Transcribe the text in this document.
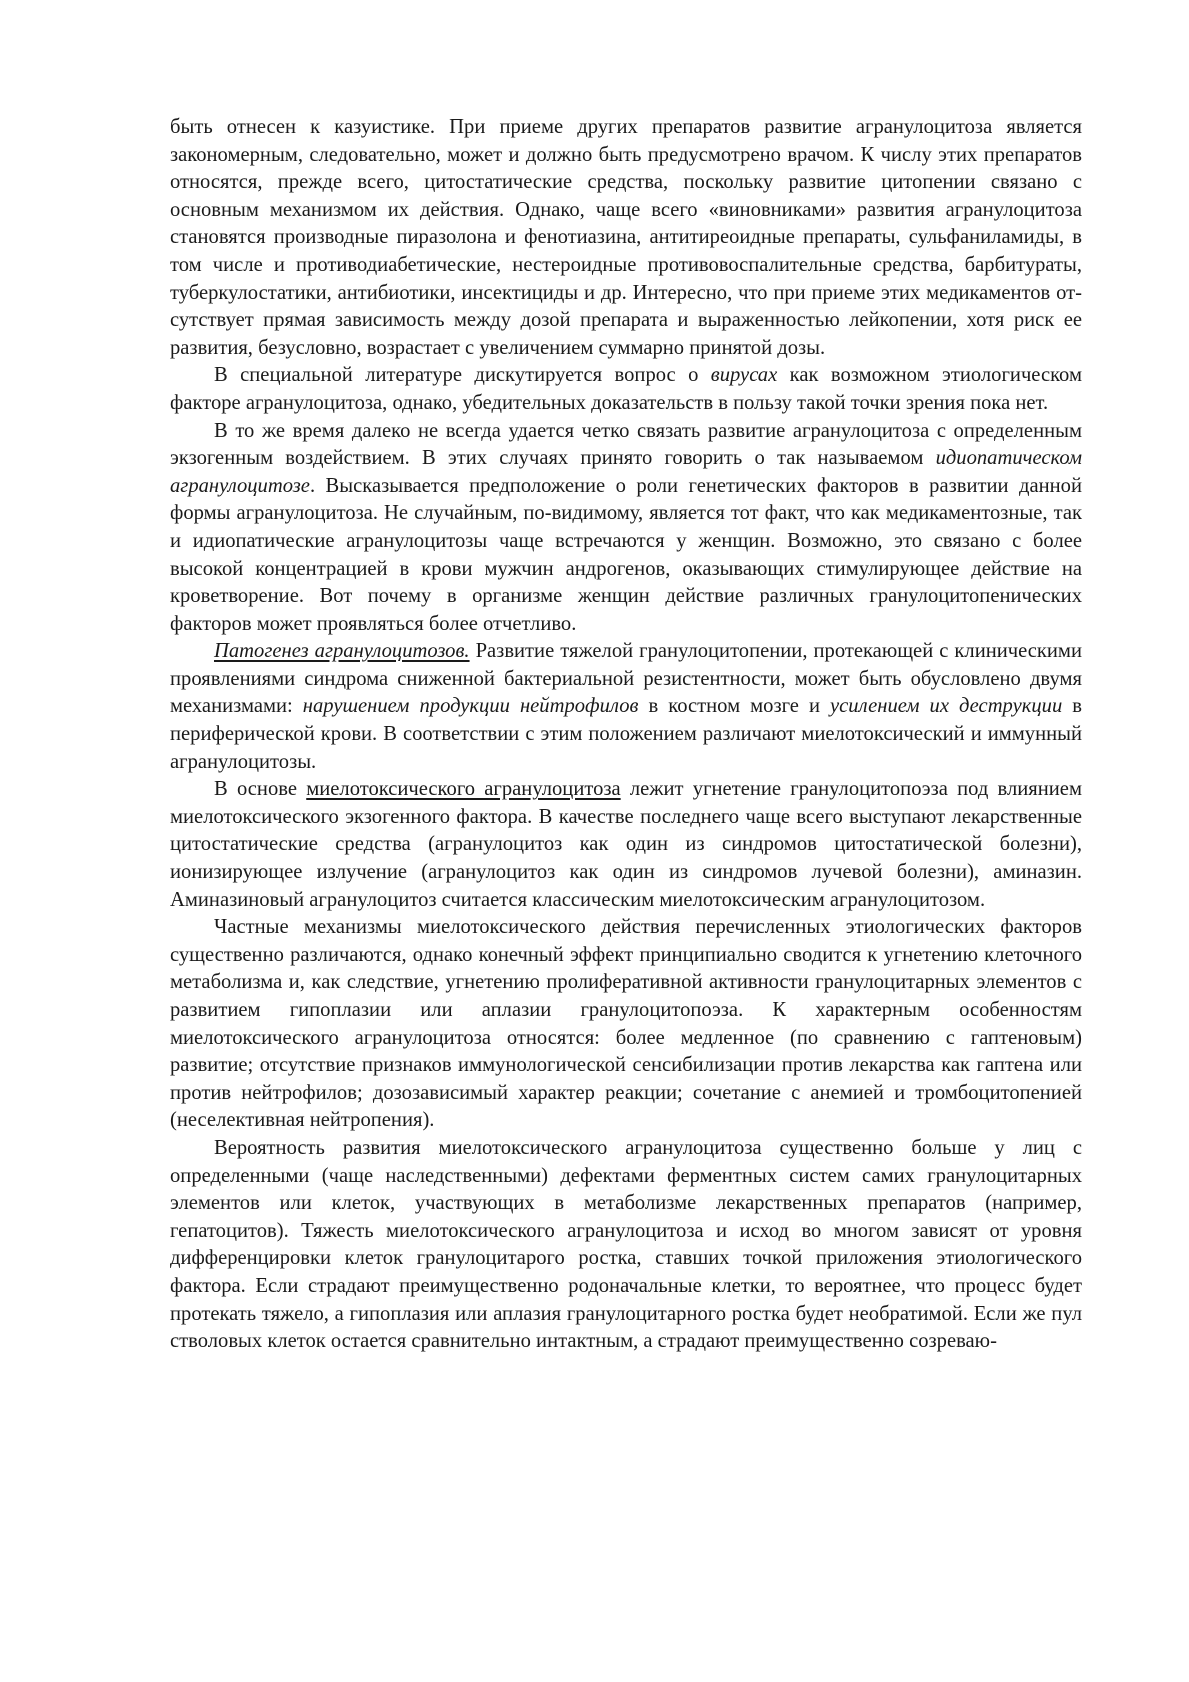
быть отнесен к казуистике. При приеме других препаратов развитие агранулоцитоза является закономерным, следовательно, может и должно быть предусмотрено врачом. К числу этих препаратов относятся, прежде всего, цитостатические средства, поскольку развитие цитопении связано с основным механизмом их действия. Однако, чаще всего «виновниками» развития агранулоцитоза становятся производные пиразолона и фенотиазина, антитиреоидные препараты, сульфаниламиды, в том числе и противодиабетические, нестероидные противовоспалительные средства, барбитураты, туберкулостатики, антибиотики, инсектициды и др. Интересно, что при приеме этих медикаментов отсутствует прямая зависимость между дозой препарата и выраженностью лейкопении, хотя риск ее развития, безусловно, возрастает с увеличением суммарно принятой дозы.

В специальной литературе дискутируется вопрос о вирусах как возможном этиологическом факторе агранулоцитоза, однако, убедительных доказательств в пользу такой точки зрения пока нет.

В то же время далеко не всегда удается четко связать развитие агранулоцитоза с определенным экзогенным воздействием. В этих случаях принято говорить о так называемом идиопатическом агранулоцитозе. Высказывается предположение о роли генетических факторов в развитии данной формы агранулоцитоза. Не случайным, по-видимому, является тот факт, что как медикаментозные, так и идиопатические агранулоцитозы чаще встречаются у женщин. Возможно, это связано с более высокой концентрацией в крови мужчин андрогенов, оказывающих стимулирующее действие на кроветворение. Вот почему в организме женщин действие различных гранулоцитопенических факторов может проявляться более отчетливо.

Патогенез агранулоцитозов. Развитие тяжелой гранулоцитопении, протекающей с клиническими проявлениями синдрома сниженной бактериальной резистентности, может быть обусловлено двумя механизмами: нарушением продукции нейтрофилов в костном мозге и усилением их деструкции в периферической крови. В соответствии с этим положением различают миелотоксический и иммунный агранулоцитозы.

В основе миелотоксического агранулоцитоза лежит угнетение гранулоцитопоэза под влиянием миелотоксического экзогенного фактора. В качестве последнего чаще всего выступают лекарственные цитостатические средства (агранулоцитоз как один из синдромов цитостатической болезни), ионизирующее излучение (агранулоцитоз как один из синдромов лучевой болезни), аминазин. Аминазиновый агранулоцитоз считается классическим миелотоксическим агранулоцитозом.

Частные механизмы миелотоксического действия перечисленных этиологических факторов существенно различаются, однако конечный эффект принципиально сводится к угнетению клеточного метаболизма и, как следствие, угнетению пролиферативной активности гранулоцитарных элементов с развитием гипоплазии или аплазии гранулоцитопоэза. К характерным особенностям миелотоксического агранулоцитоза относятся: более медленное (по сравнению с гаптеновым) развитие; отсутствие признаков иммунологической сенсибилизации против лекарства как гаптена или против нейтрофилов; дозозависимый характер реакции; сочетание с анемией и тромбоцитопенией (неселективная нейтропения).

Вероятность развития миелотоксического агранулоцитоза существенно больше у лиц с определенными (чаще наследственными) дефектами ферментных систем самих гранулоцитарных элементов или клеток, участвующих в метаболизме лекарственных препаратов (например, гепатоцитов). Тяжесть миелотоксического агранулоцитоза и исход во многом зависят от уровня дифференцировки клеток гранулоцитарого ростка, ставших точкой приложения этиологического фактора. Если страдают преимущественно родоначальные клетки, то вероятнее, что процесс будет протекать тяжело, а гипоплазия или аплазия гранулоцитарного ростка будет необратимой. Если же пул стволовых клеток остается сравнительно интактным, а страдают преимущественно созреваю-
